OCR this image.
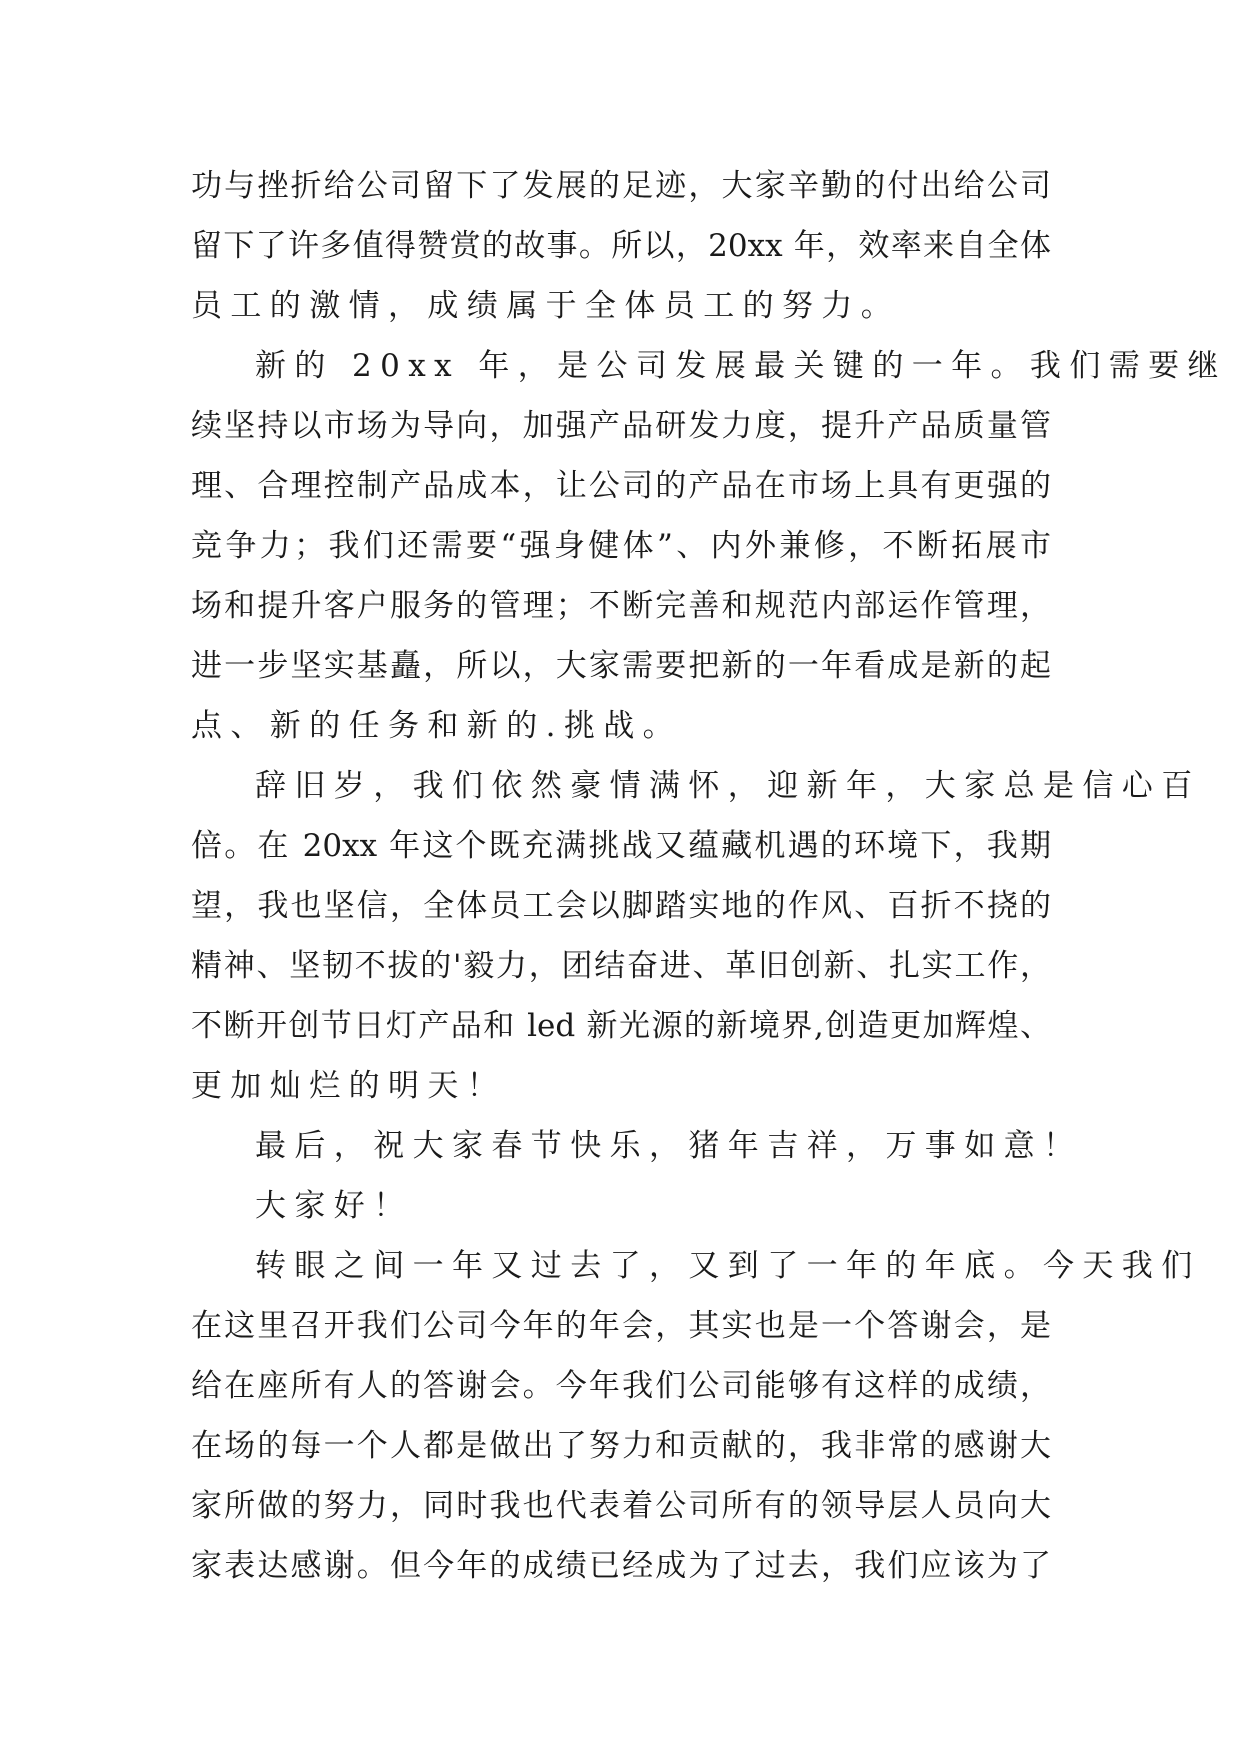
功与挫折给公司留下了发展的足迹，大家辛勤的付出给公司
留下了许多值得赞赏的故事。所以，20xx 年，效率来自全体
员工的激情，成绩属于全体员工的努力。
新的 20xx 年，是公司发展最关键的一年。我们需要继
续坚持以市场为导向，加强产品研发力度，提升产品质量管
理、合理控制产品成本，让公司的产品在市场上具有更强的
竞争力；我们还需要“强身健体”、内外兼修，不断拓展市
场和提升客户服务的管理；不断完善和规范内部运作管理，
进一步坚实基矗，所以，大家需要把新的一年看成是新的起
点、新的任务和新的.挑战。
辞旧岁，我们依然豪情满怀，迎新年，大家总是信心百
倍。在 20xx 年这个既充满挑战又蕴藏机遇的环境下，我期
望，我也坚信，全体员工会以脚踏实地的作风、百折不挠的
精神、坚韧不拔的'毅力，团结奋进、革旧创新、扎实工作，
不断开创节日灯产品和 led 新光源的新境界,创造更加辉煌、
更加灿烂的明天！
最后，祝大家春节快乐，猪年吉祥，万事如意！
大家好！
转眼之间一年又过去了，又到了一年的年底。今天我们
在这里召开我们公司今年的年会，其实也是一个答谢会，是
给在座所有人的答谢会。今年我们公司能够有这样的成绩，
在场的每一个人都是做出了努力和贡献的，我非常的感谢大
家所做的努力，同时我也代表着公司所有的领导层人员向大
家表达感谢。但今年的成绩已经成为了过去，我们应该为了
